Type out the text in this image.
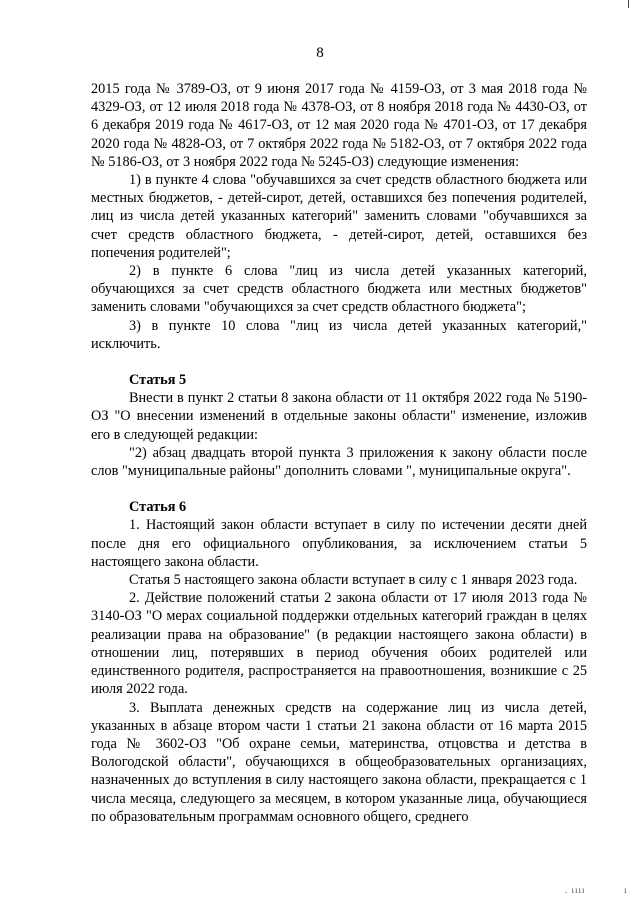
8

2015 года № 3789-ОЗ, от 9 июня 2017 года № 4159-ОЗ, от 3 мая 2018 года № 4329-ОЗ, от 12 июля 2018 года № 4378-ОЗ, от 8 ноября 2018 года № 4430-ОЗ, от 6 декабря 2019 года № 4617-ОЗ, от 12 мая 2020 года № 4701-ОЗ, от 17 декабря 2020 года № 4828-ОЗ, от 7 октября 2022 года № 5182-ОЗ, от 7 октября 2022 года № 5186-ОЗ, от 3 ноября 2022 года № 5245-ОЗ) следующие изменения:

1) в пункте 4 слова "обучавшихся за счет средств областного бюджета или местных бюджетов, - детей-сирот, детей, оставшихся без попечения родителей, лиц из числа детей указанных категорий" заменить словами "обучавшихся за счет средств областного бюджета, - детей-сирот, детей, оставшихся без попечения родителей";

2) в пункте 6 слова "лиц из числа детей указанных категорий, обучающихся за счет средств областного бюджета или местных бюджетов" заменить словами "обучающихся за счет средств областного бюджета";

3) в пункте 10 слова "лиц из числа детей указанных категорий," исключить.

Статья 5

Внести в пункт 2 статьи 8 закона области от 11 октября 2022 года № 5190-ОЗ "О внесении изменений в отдельные законы области" изменение, изложив его в следующей редакции:

"2) абзац двадцать второй пункта 3 приложения к закону области после слов "муниципальные районы" дополнить словами ", муниципальные округа".

Статья 6

1. Настоящий закон области вступает в силу по истечении десяти дней после дня его официального опубликования, за исключением статьи 5 настоящего закона области.

Статья 5 настоящего закона области вступает в силу с 1 января 2023 года.

2. Действие положений статьи 2 закона области от 17 июля 2013 года № 3140-ОЗ "О мерах социальной поддержки отдельных категорий граждан в целях реализации права на образование" (в редакции настоящего закона области) в отношении лиц, потерявших в период обучения обоих родителей или единственного родителя, распространяется на правоотношения, возникшие с 25 июля 2022 года.

3. Выплата денежных средств на содержание лиц из числа детей, указанных в абзаце втором части 1 статьи 21 закона области от 16 марта 2015 года № 3602-ОЗ "Об охране семьи, материнства, отцовства и детства в Вологодской области", обучающихся в общеобразовательных организациях, назначенных до вступления в силу настоящего закона области, прекращается с 1 числа месяца, следующего за месяцем, в котором указанные лица, обучающиеся по образовательным программам основного общего, среднего

. ıııı	ı
